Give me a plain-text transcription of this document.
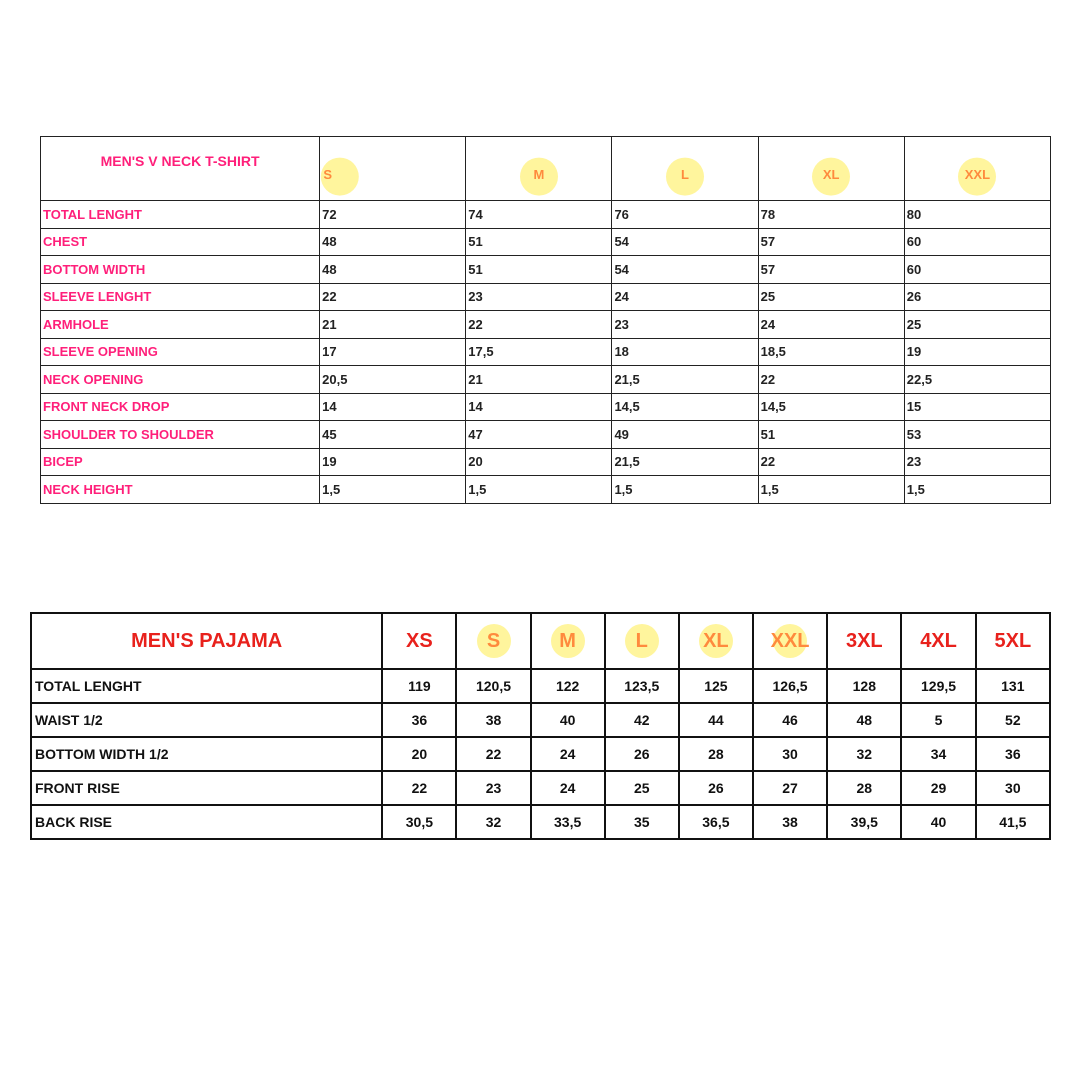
MEN'S V NECK T-SHIRT	S	M	L	XL	XXL
TOTAL LENGHT	72	74	76	78	80
CHEST	48	51	54	57	60
BOTTOM WIDTH	48	51	54	57	60
SLEEVE LENGHT	22	23	24	25	26
ARMHOLE	21	22	23	24	25
SLEEVE OPENING	17	17,5	18	18,5	19
NECK OPENING	20,5	21	21,5	22	22,5
FRONT NECK DROP	14	14	14,5	14,5	15
SHOULDER TO SHOULDER	45	47	49	51	53
BICEP	19	20	21,5	22	23
NECK HEIGHT	1,5	1,5	1,5	1,5	1,5
MEN'S PAJAMA	XS	S	M	L	XL	XXL	3XL	4XL	5XL
TOTAL LENGHT	119	120,5	122	123,5	125	126,5	128	129,5	131
WAIST 1/2	36	38	40	42	44	46	48	5	52
BOTTOM WIDTH 1/2	20	22	24	26	28	30	32	34	36
FRONT RISE	22	23	24	25	26	27	28	29	30
BACK RISE	30,5	32	33,5	35	36,5	38	39,5	40	41,5
